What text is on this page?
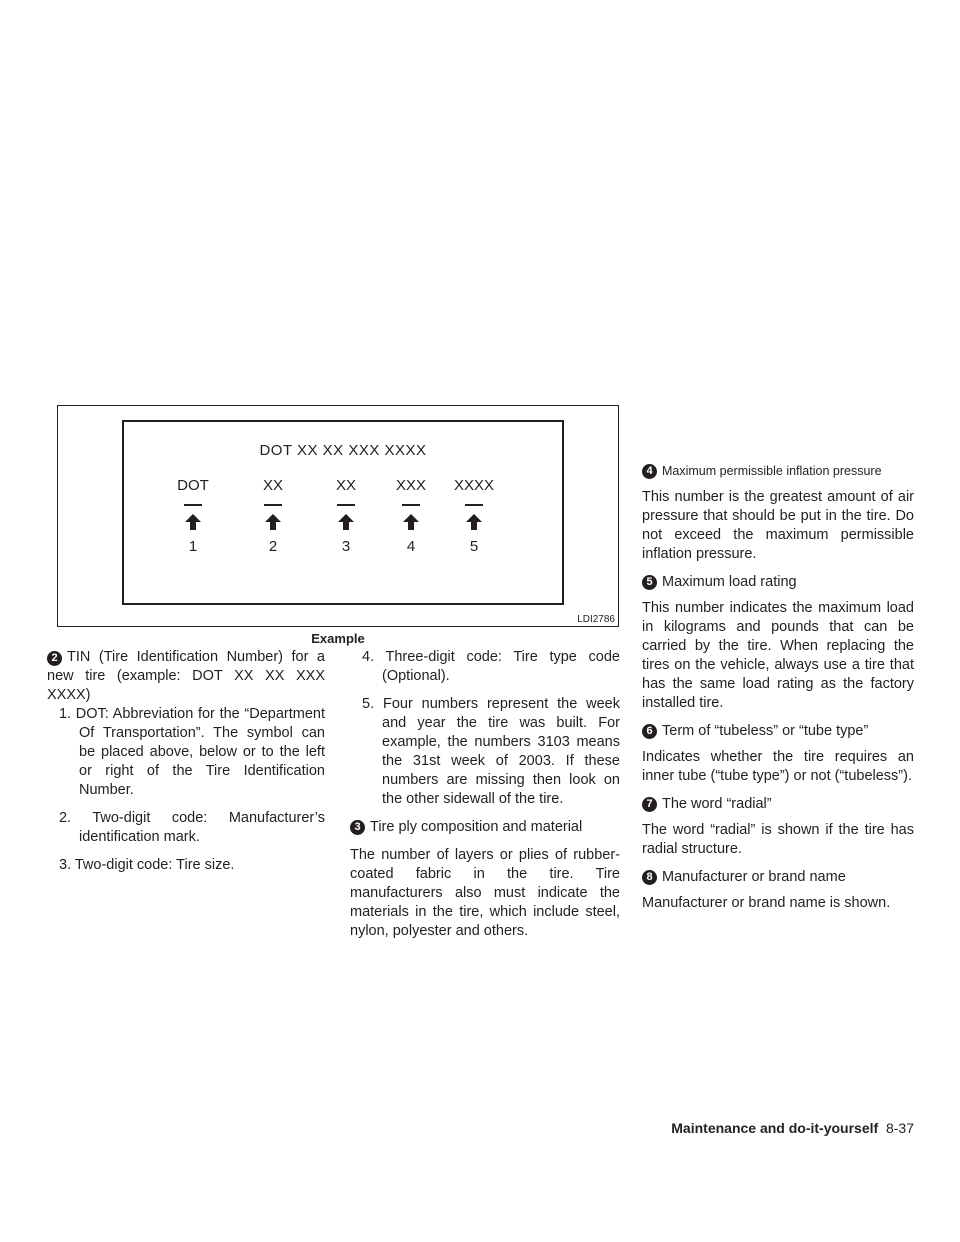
DOT XX XX XXX XXXX
DOT
1
XX
2
XX
3
XXX
4
XXXX
5
LDI2786
Example

2 TIN (Tire Identification Number) for a new tire (example: DOT XX XX XXX XXXX)

1. DOT: Abbreviation for the “Department Of Transportation”. The symbol can be placed above, below or to the left or right of the Tire Identification Number.

2. Two-digit code: Manufacturer’s identification mark.

3. Two-digit code: Tire size.

4. Three-digit code: Tire type code (Optional).

5. Four numbers represent the week and year the tire was built. For example, the numbers 3103 means the 31st week of 2003. If these numbers are missing then look on the other sidewall of the tire.

3 Tire ply composition and material

The number of layers or plies of rubber-coated fabric in the tire. Tire manufacturers also must indicate the materials in the tire, which include steel, nylon, polyester and others.

4 Maximum permissible inflation pressure

This number is the greatest amount of air pressure that should be put in the tire. Do not exceed the maximum permissible inflation pressure.

5 Maximum load rating

This number indicates the maximum load in kilograms and pounds that can be carried by the tire. When replacing the tires on the vehicle, always use a tire that has the same load rating as the factory installed tire.

6 Term of “tubeless” or “tube type”

Indicates whether the tire requires an inner tube (“tube type”) or not (“tubeless”).

7 The word “radial”

The word “radial” is shown if the tire has radial structure.

8 Manufacturer or brand name

Manufacturer or brand name is shown.

Maintenance and do-it-yourself 8-37
